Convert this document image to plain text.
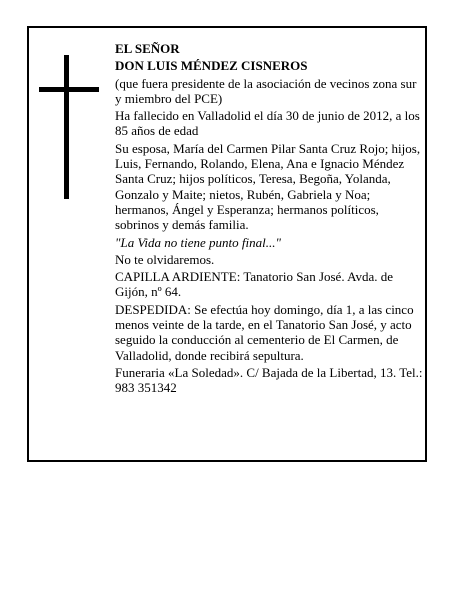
EL SEÑOR

DON LUIS MÉNDEZ CISNEROS

(que fuera presidente de la asociación de vecinos zona sur y miembro del PCE)

Ha fallecido en Valladolid el día 30 de junio de 2012, a los 85 años de edad

Su esposa, María del Carmen Pilar Santa Cruz Rojo; hijos, Luis, Fernando, Rolando, Elena, Ana e Ignacio Méndez Santa Cruz; hijos políticos, Teresa, Begoña, Yolanda, Gonzalo y Maite; nietos, Rubén, Gabriela y Noa; hermanos, Ángel y Esperanza; hermanos políticos, sobrinos y demás familia.

"La Vida no tiene punto final..."

No te olvidaremos.

CAPILLA ARDIENTE: Tanatorio San José. Avda. de Gijón, nº 64.

DESPEDIDA: Se efectúa hoy domingo, día 1, a las cinco menos veinte de la tarde, en el Tanatorio San José, y acto seguido la conducción al cementerio de El Carmen, de Valladolid, donde recibirá sepultura.

Funeraria «La Soledad». C/ Bajada de la Libertad, 13. Tel.: 983 351342
